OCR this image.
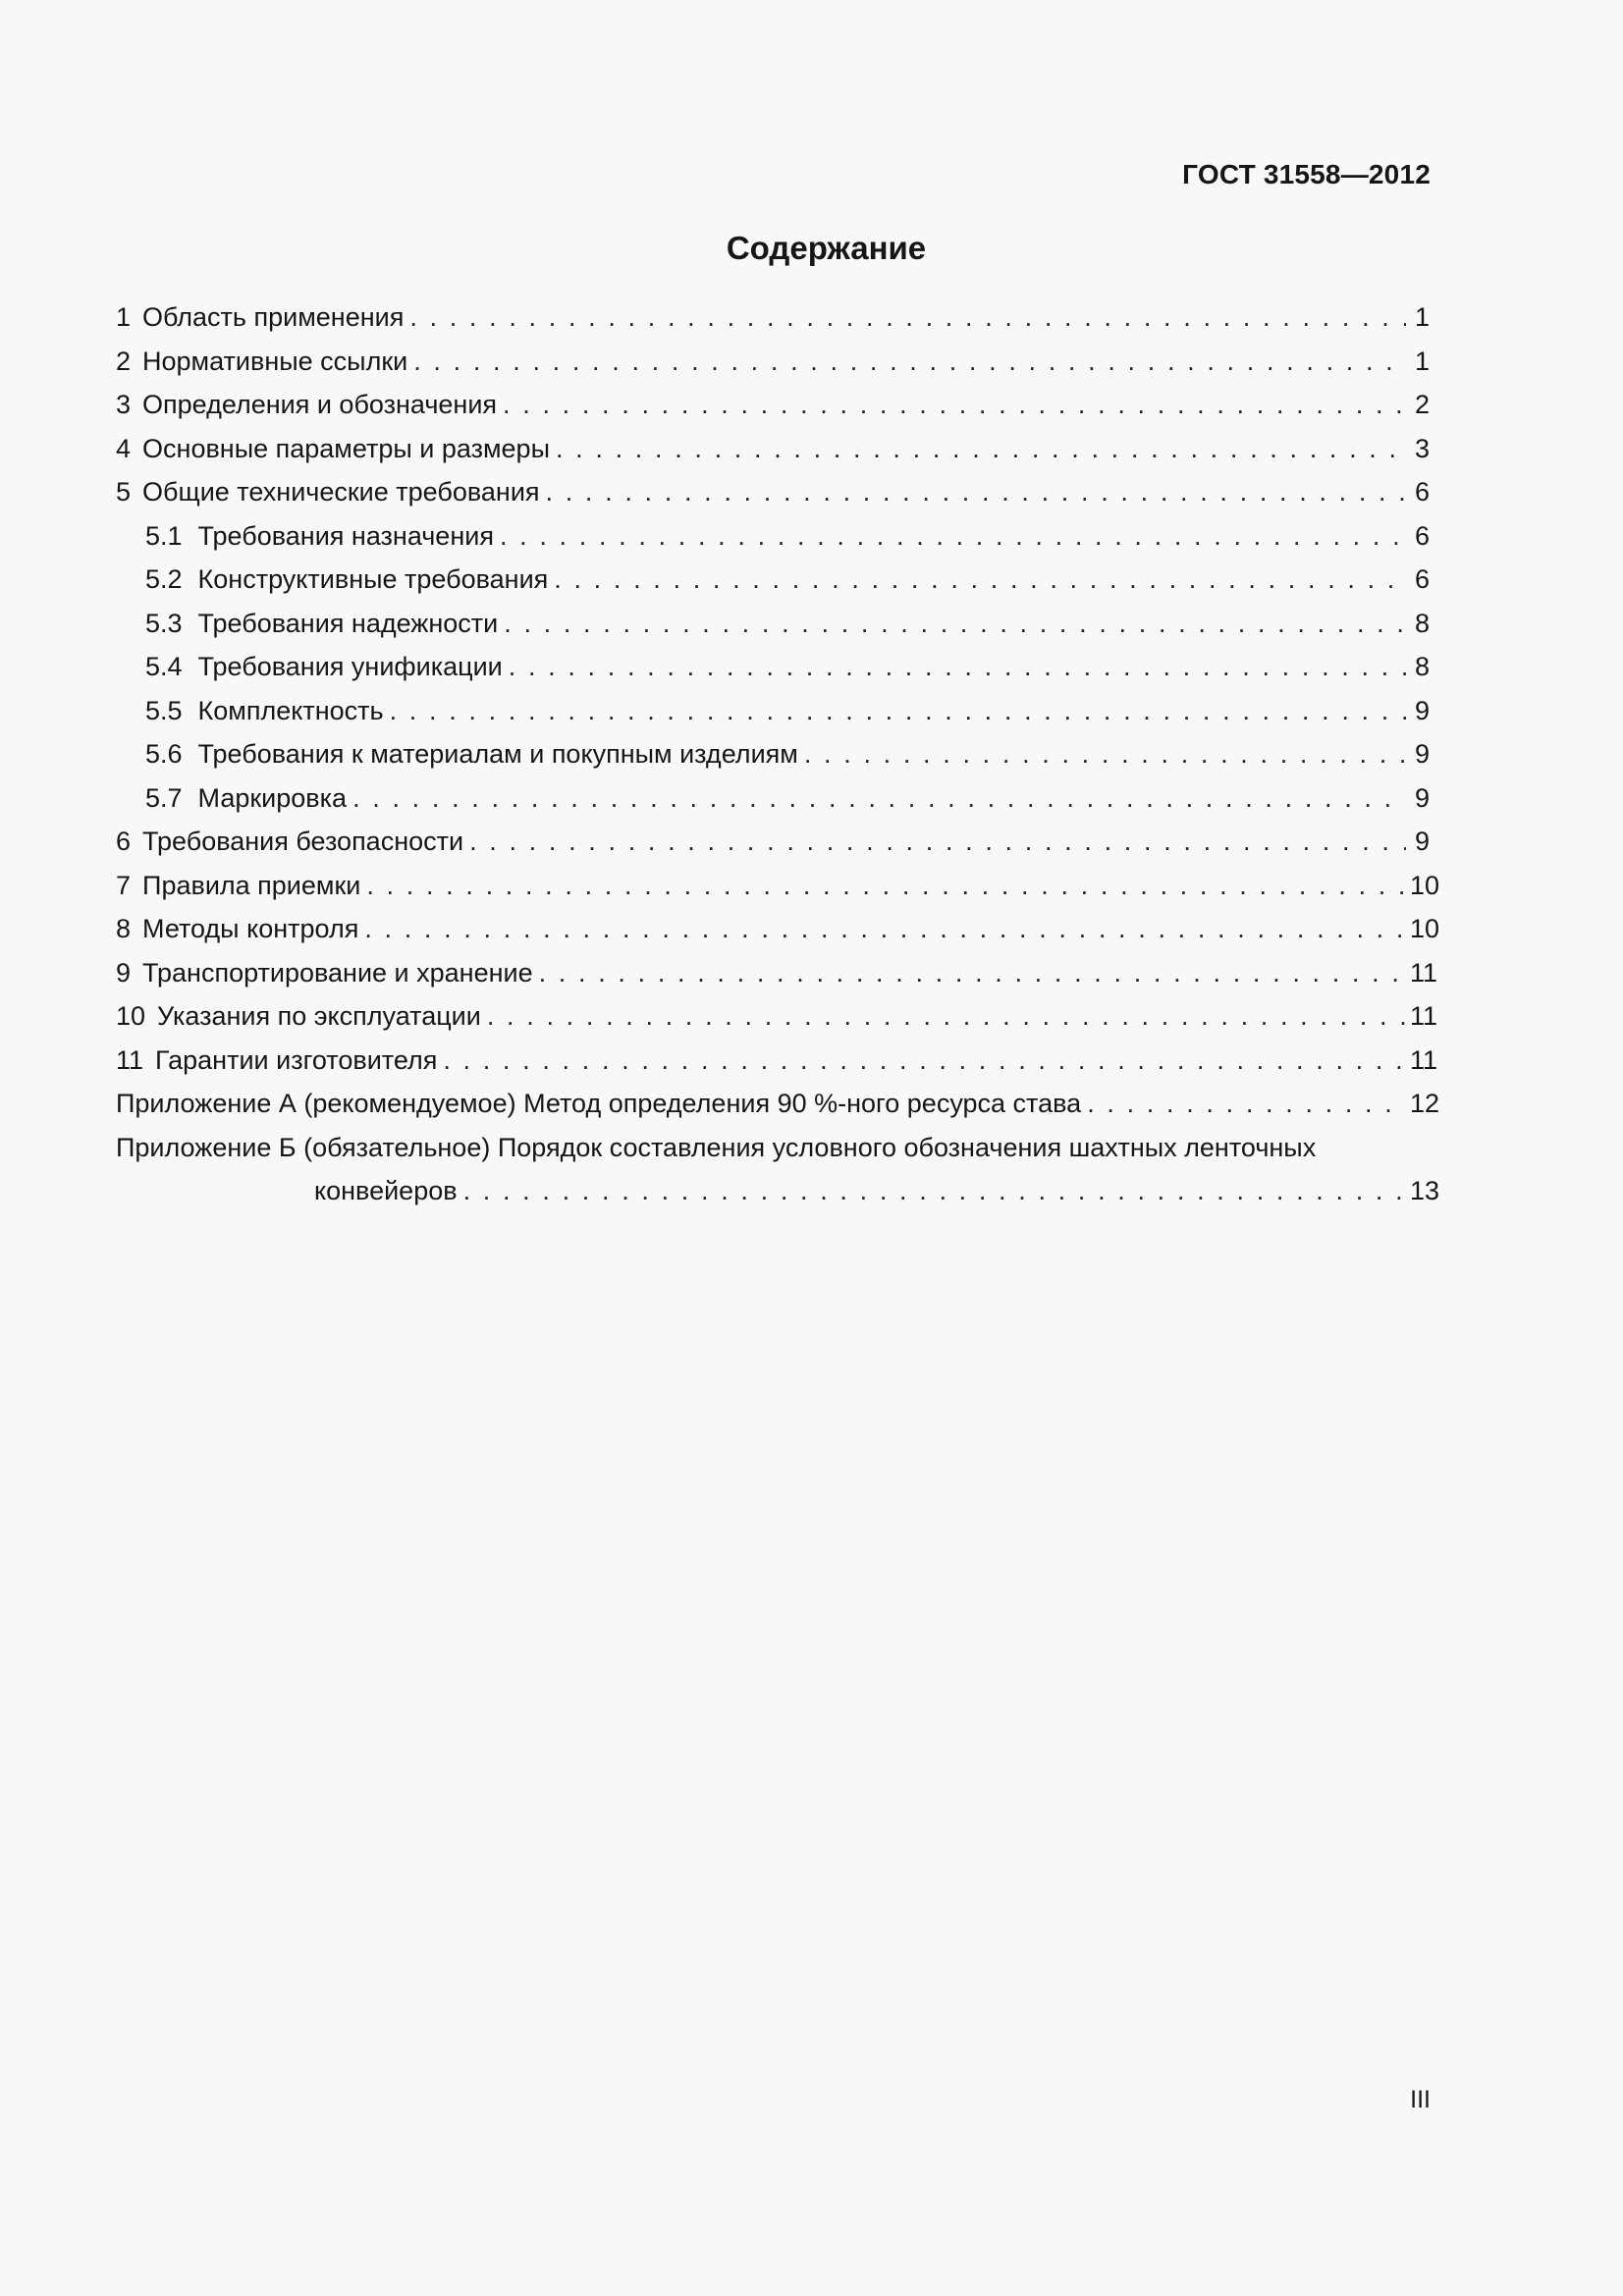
ГОСТ 31558—2012
Содержание
1 Область применения . . .	1
2 Нормативные ссылки . . .	1
3 Определения и обозначения . . .	2
4 Основные параметры и размеры . . .	3
5 Общие технические требования . . .	6
5.1 Требования назначения . . .	6
5.2 Конструктивные требования . . .	6
5.3 Требования надежности . . .	8
5.4 Требования унификации . . .	8
5.5 Комплектность . . .	9
5.6 Требования к материалам и покупным изделиям . . .	9
5.7 Маркировка . . .	9
6 Требования безопасности . . .	9
7 Правила приемки . . .	10
8 Методы контроля . . .	10
9 Транспортирование и хранение . . .	11
10 Указания по эксплуатации . . .	11
11 Гарантии изготовителя . . .	11
Приложение А (рекомендуемое) Метод определения 90 %-ного ресурса става . . .	12
Приложение Б (обязательное) Порядок составления условного обозначения шахтных ленточных
конвейеров . . .	13
III
